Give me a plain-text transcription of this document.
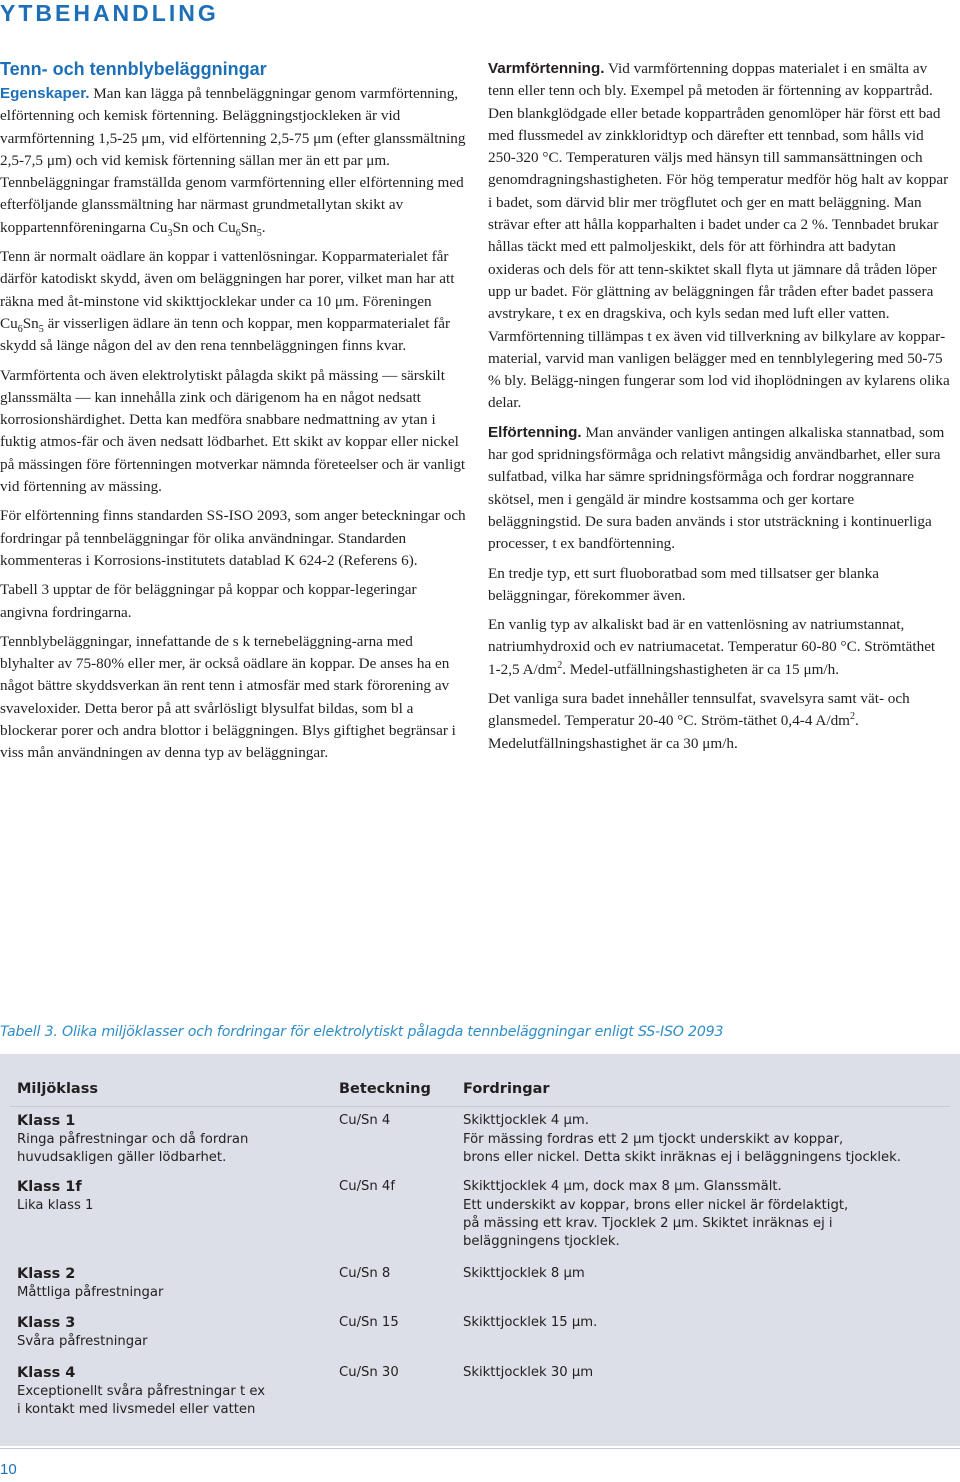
YTBEHANDLING
Tenn- och tennblybeläggningar

Egenskaper. Man kan lägga på tennbeläggningar genom varmförtenning, elförtenning och kemisk förtenning. Beläggningstjockleken är vid varmförtenning 1,5-25 μm, vid elförtenning 2,5-75 μm (efter glanssmältning 2,5-7,5 μm) och vid kemisk förtenning sällan mer än ett par μm. Tennbeläggningar framställda genom varmförtenning eller elförtenning med efterföljande glanssmältning har närmast grundmetallytan skikt av koppartennföreningarna $Cu_3Sn$ och $Cu_6Sn_5$.

Tenn är normalt oädlare än koppar i vattenlösningar. Kopparmaterialet får därför katodiskt skydd, även om beläggningen har porer, vilket man har att räkna med åt-minstone vid skikttjocklekar under ca 10 μm. Föreningen $Cu_6Sn_5$ är visserligen ädlare än tenn och koppar, men kopparmaterialet får skydd så länge någon del av den rena tennbeläggningen finns kvar.

Varmförtenta och även elektrolytiskt pålagda skikt på mässing — särskilt glanssmälta — kan innehålla zink och därigenom ha en något nedsatt korrosionshärdighet. Detta kan medföra snabbare nedmattning av ytan i fuktig atmos-fär och även nedsatt lödbarhet. Ett skikt av koppar eller nickel på mässingen före förtenningen motverkar nämnda företeelser och är vanligt vid förtenning av mässing.

För elförtenning finns standarden SS-ISO 2093, som anger beteckningar och fordringar på tennbeläggningar för olika användningar. Standarden kommenteras i Korrosions-institutets datablad K 624-2 (Referens 6).

Tabell 3 upptar de för beläggningar på koppar och koppar-legeringar angivna fordringarna.

Tennblybeläggningar, innefattande de s k ternebeläggning-arna med blyhalter av 75-80% eller mer, är också oädlare än koppar. De anses ha en något bättre skyddsverkan än rent tenn i atmosfär med stark förorening av svaveloxider. Detta beror på att svårlösligt blysulfat bildas, som bl a blockerar porer och andra blottor i beläggningen. Blys giftighet begränsar i viss mån användningen av denna typ av beläggningar.

Varmförtenning. Vid varmförtenning doppas materialet i en smälta av tenn eller tenn och bly. Exempel på metoden är förtenning av koppartråd. Den blankglödgade eller betade koppartråden genomlöper här först ett bad med flussmedel av zinkkloridtyp och därefter ett tennbad, som hålls vid 250-320 °C. Temperaturen väljs med hänsyn till sammansättningen och genomdragningshastigheten. För hög temperatur medför hög halt av koppar i badet, som därvid blir mer trögflutet och ger en matt beläggning. Man strävar efter att hålla kopparhalten i badet under ca 2 %. Tennbadet brukar hållas täckt med ett palmoljeskikt, dels för att förhindra att badytan oxideras och dels för att tenn-skiktet skall flyta ut jämnare då tråden löper upp ur badet. För glättning av beläggningen får tråden efter badet passera avstrykare, t ex en dragskiva, och kyls sedan med luft eller vatten. Varmförtenning tillämpas t ex även vid tillverkning av bilkylare av kopparmaterial, varvid man vanligen belägger med en tennblylegering med 50-75 % bly. Belägg-ningen fungerar som lod vid ihoplödningen av kylarens olika delar.

Elförtenning. Man använder vanligen antingen alkaliska stannatbad, som har god spridningsförmåga och relativt mångsidig användbarhet, eller sura sulfatbad, vilka har sämre spridningsförmåga och fordrar noggrannare skötsel, men i gengäld är mindre kostsamma och ger kortare beläggningstid. De sura baden används i stor utsträckning i kontinuerliga processer, t ex bandförtenning.

En tredje typ, ett surt fluoboratbad som med tillsatser ger blanka beläggningar, förekommer även.

En vanlig typ av alkaliskt bad är en vattenlösning av natriumstannat, natriumhydroxid och ev natriumacetat. Temperatur 60-80 °C. Strömtäthet 1-2,5 $A/dm^2$. Medel-utfällningshastigheten är ca 15 μm/h.

Det vanliga sura badet innehåller tennsulfat, svavelsyra samt vät- och glansmedel. Temperatur 20-40 °C. Ström-täthet 0,4-4 $A/dm^2$. Medelutfällningshastighet är ca 30 μm/h.

Tabell 3. Olika miljöklasser och fordringar för elektrolytiskt pålagda tennbeläggningar enligt SS-ISO 2093
Miljöklass	Beteckning Fordringar
Klass 1
Ringa påfrestningar och då fordran
huvudsakligen gäller lödbarhet.
Cu/Sn 4	Skikttjocklek 4 μm.
För mässing fordras ett 2 μm tjockt underskikt av koppar,
brons eller nickel. Detta skikt inräknas ej i beläggningens tjocklek.
Klass 1f
Lika klass 1
Cu/Sn 4f	Skikttjocklek 4 μm, dock max 8 μm. Glanssmält.
Ett underskikt av koppar, brons eller nickel är fördelaktigt,
på mässing ett krav. Tjocklek 2 μm. Skiktet inräknas ej i
beläggningens tjocklek.
Klass 2
Måttliga påfrestningar
Cu/Sn 8	Skikttjocklek 8 μm
Klass 3
Svåra påfrestningar
Cu/Sn 15	Skikttjocklek 15 μm.
Klass 4
Exceptionellt svåra påfrestningar t ex
i kontakt med livsmedel eller vatten
Cu/Sn 30	Skikttjocklek 30 μm
10
